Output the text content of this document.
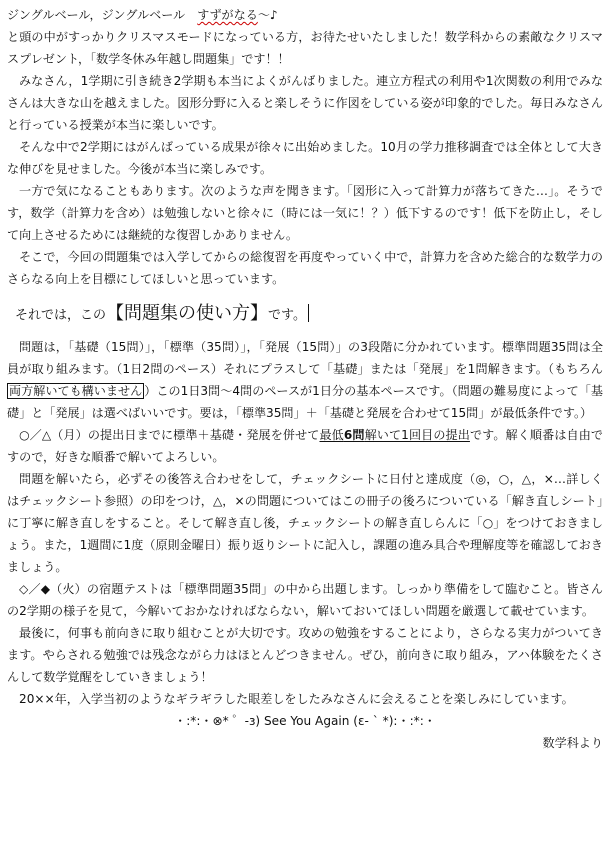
ジングルベール，ジングルベール　すずがなる～♪

と頭の中がすっかりクリスマスモードになっている方，お待たせいたしました！数学科からの素敵なクリスマスプレゼント，「数学冬休み年越し問題集」です！！

みなさん，1学期に引き続き2学期も本当によくがんばりました。連立方程式の利用や1次関数の利用でみなさんは大きな山を越えました。図形分野に入ると楽しそうに作図をしている姿が印象的でした。毎日みなさんと行っている授業が本当に楽しいです。

そんな中で2学期にはがんばっている成果が徐々に出始めました。10月の学力推移調査では全体として大きな伸びを見せました。今後が本当に楽しみです。

一方で気になることもあります。次のような声を聞きます。「図形に入って計算力が落ちてきた…」。そうです，数学（計算力を含め）は勉強しないと徐々に（時には一気に！？）低下するのです！低下を防止し，そして向上させるためには継続的な復習しかありません。

そこで，今回の問題集では入学してからの総復習を再度やっていく中で，計算力を含めた総合的な数学力のさらなる向上を目標にしてほしいと思っています。

それでは，この【問題集の使い方】です。

問題は，「基礎（15問）」，「標準（35問）」，「発展（15問）」の3段階に分かれています。標準問題35問は全員が取り組みます。（1日2問のペース）それにプラスして「基礎」または「発展」を1問解きます。（もちろん両方解いても構いません ）この1日3問～4問のペースが1日分の基本ペースです。（問題の難易度によって「基礎」と「発展」は選べばいいです。要は，「標準35問」＋「基礎と発展を合わせて15問」が最低条件です。）

○／△（月）の提出日までに標準＋基礎・発展を併せて最低6問解いて1回目の提出です。解く順番は自由ですので，好きな順番で解いてよろしい。

問題を解いたら，必ずその後答え合わせをして，チェックシートに日付と達成度（◎，○，△，×…詳しくはチェックシート参照）の印をつけ，△，×の問題についてはこの冊子の後ろについている「解き直しシート」に丁寧に解き直しをすること。そして解き直し後，チェックシートの解き直しらんに「○」をつけておきましょう。また，1週間に1度（原則金曜日）振り返りシートに記入し，課題の進み具合や理解度等を確認しておきましょう。

◇／◆（火）の宿題テストは「標準問題35問」の中から出題します。しっかり準備をして臨むこと。皆さんの2学期の様子を見て，今解いておかなければならない，解いておいてほしい問題を厳選して載せています。

最後に，何事も前向きに取り組むことが大切です。攻めの勉強をすることにより，さらなる実力がついてきます。やらされる勉強では残念ながら力はほとんどつきません。ぜひ，前向きに取り組み，アハ体験をたくさんして数学覚醒をしていきましょう！

20××年，入学当初のようなギラギラした眼差しをしたみなさんに会えることを楽しみにしています。

・:*:・⊗* ゜-з) See You Again (ε- ` *):・:*:・

数学科より
